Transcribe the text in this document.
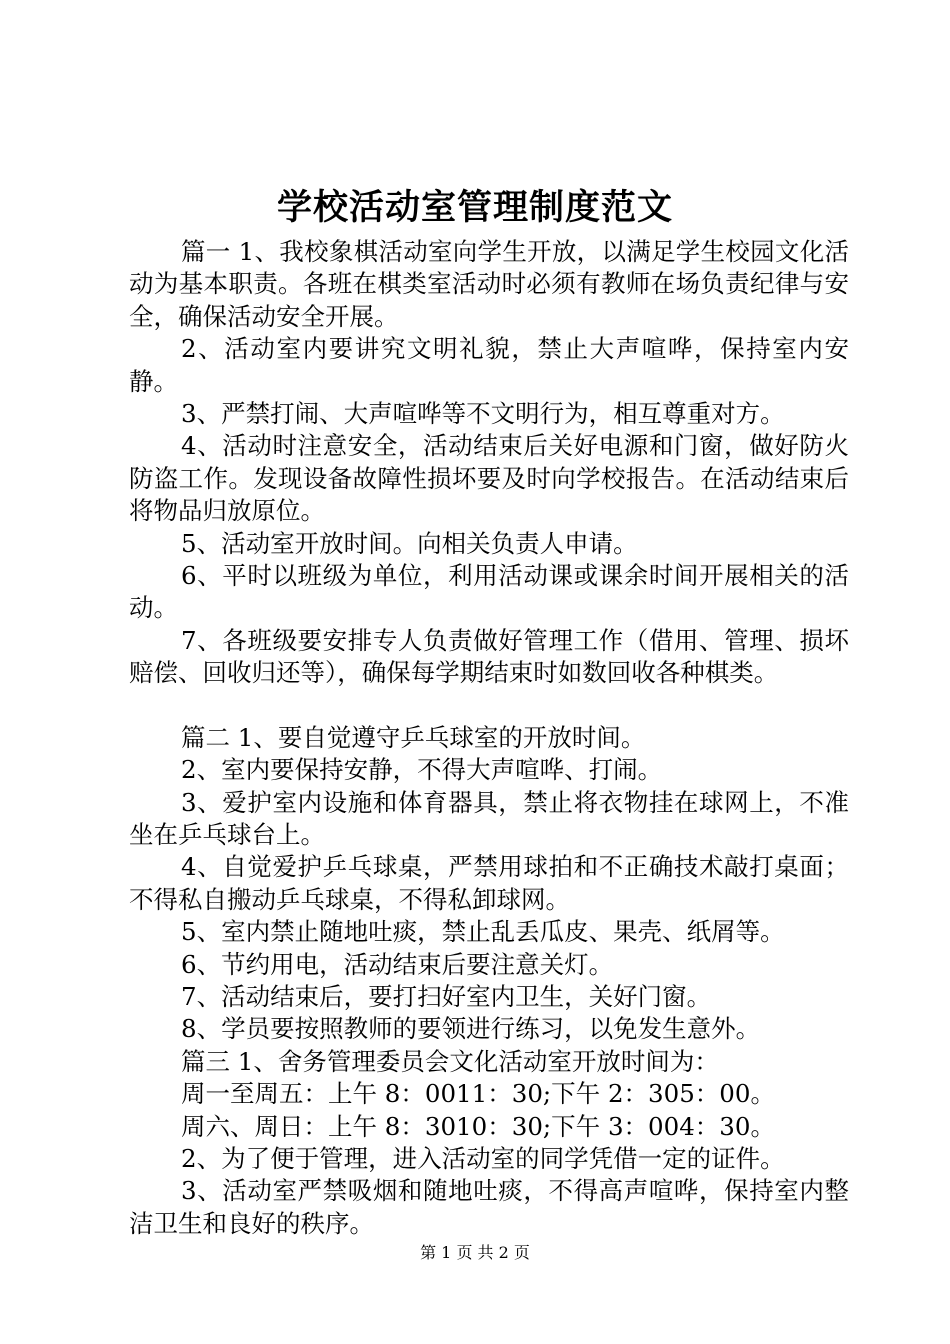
学校活动室管理制度范文

篇一 1、我校象棋活动室向学生开放，以满足学生校园文化活动为基本职责。各班在棋类室活动时必须有教师在场负责纪律与安全，确保活动安全开展。

2、活动室内要讲究文明礼貌，禁止大声喧哗，保持室内安静。

3、严禁打闹、大声喧哗等不文明行为，相互尊重对方。

4、活动时注意安全，活动结束后关好电源和门窗，做好防火防盗工作。发现设备故障性损坏要及时向学校报告。在活动结束后将物品归放原位。

5、活动室开放时间。向相关负责人申请。

6、平时以班级为单位，利用活动课或课余时间开展相关的活动。

7、各班级要安排专人负责做好管理工作（借用、管理、损坏赔偿、回收归还等），确保每学期结束时如数回收各种棋类。

篇二 1、要自觉遵守乒乓球室的开放时间。

2、室内要保持安静，不得大声喧哗、打闹。

3、爱护室内设施和体育器具，禁止将衣物挂在球网上，不准坐在乒乓球台上。

4、自觉爱护乒乓球桌，严禁用球拍和不正确技术敲打桌面；不得私自搬动乒乓球桌，不得私卸球网。

5、室内禁止随地吐痰，禁止乱丢瓜皮、果壳、纸屑等。

6、节约用电，活动结束后要注意关灯。

7、活动结束后，要打扫好室内卫生，关好门窗。

8、学员要按照教师的要领进行练习，以免发生意外。

篇三 1、舍务管理委员会文化活动室开放时间为：

周一至周五：上午 8：0011：30;下午 2：305：00。

周六、周日：上午 8：3010：30;下午 3：004：30。

2、为了便于管理，进入活动室的同学凭借一定的证件。

3、活动室严禁吸烟和随地吐痰，不得高声喧哗，保持室内整洁卫生和良好的秩序。

第 1 页 共 2 页
